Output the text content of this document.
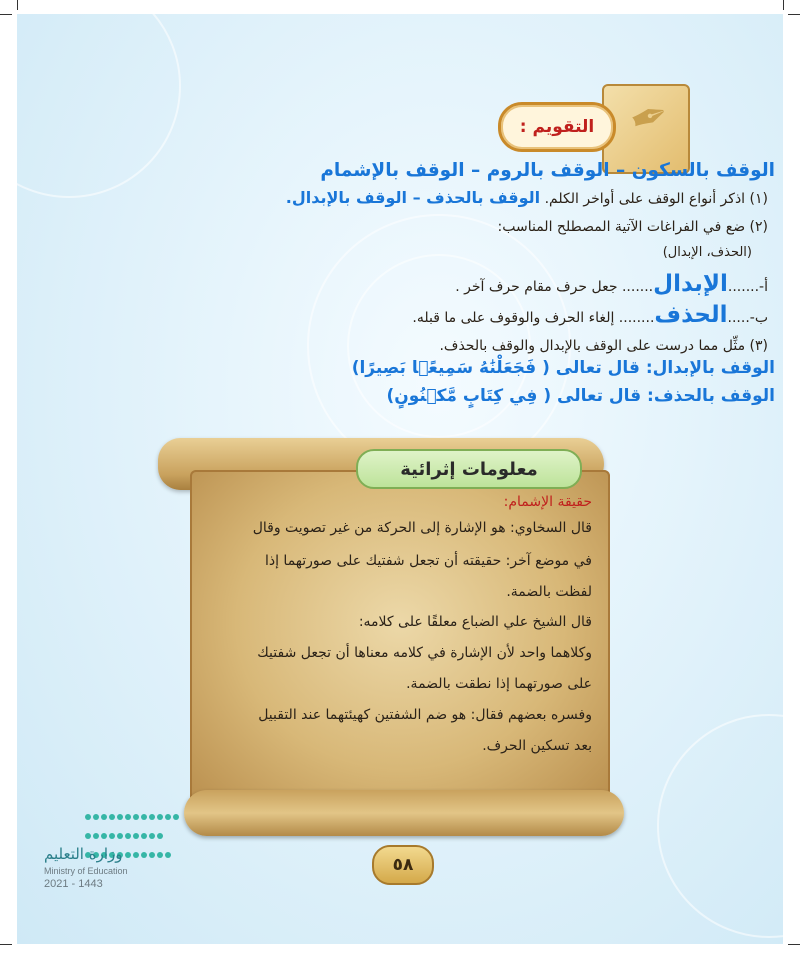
✒
التقويم :
الوقف بالسكون – الوقف بالروم – الوقف بالإشمام
(١) اذكر أنواع الوقف على أواخر الكلم. الوقف بالحذف – الوقف بالإبدال.
(٢) ضع في الفراغات الآتية المصطلح المناسب:
(الحذف، الإبدال)
أ-.......الإبدال....... جعل حرف مقام حرف آخر .
ب-.....الحذف........ إلغاء الحرف والوقوف على ما قبله.
(٣) مثِّل مما درست على الوقف بالإبدال والوقف بالحذف.
الوقف بالإبدال: قال تعالى ( فَجَعَلْنَٰهُ سَمِيعًۢا بَصِيرًا)
الوقف بالحذف: قال تعالى ( فِي كِتَابٍ مَّكۡنُونٍ)
معلومات إثرائية
حقيقة الإشمام:
قال السخاوي: هو الإشارة إلى الحركة من غير تصويت وقال
في موضع آخر: حقيقته أن تجعل شفتيك على صورتهما إذا
لفظت بالضمة.
قال الشيخ علي الضباع معلقًا على كلامه:
وكلاهما واحد لأن الإشارة في كلامه معناها أن تجعل شفتيك
على صورتهما إذا نطقت بالضمة.
وفسره بعضهم فقال: هو ضم الشفتين كهيئتهما عند التقبيل
بعد تسكين الحرف.
وزارة التعليم
Ministry of Education
2021 - 1443
٥٨
